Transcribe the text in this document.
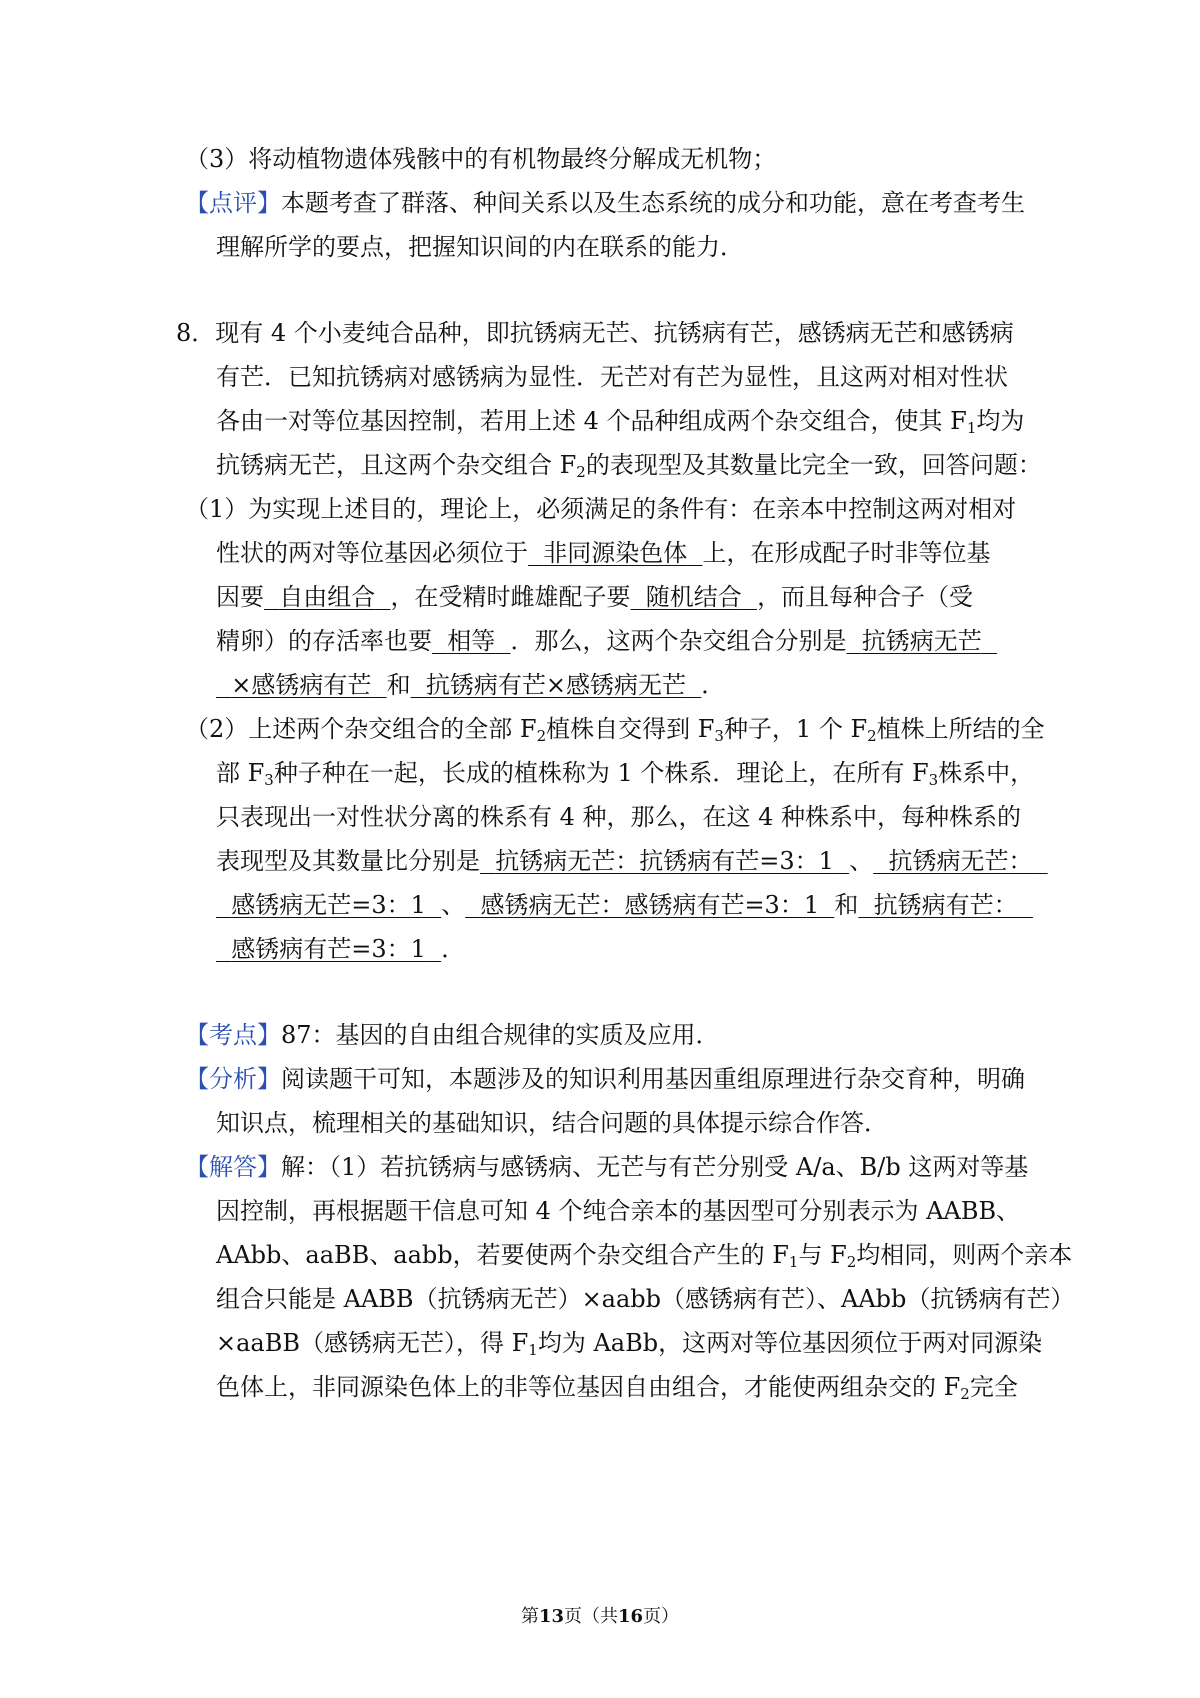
（3）将动植物遗体残骸中的有机物最终分解成无机物；
【点评】本题考查了群落、种间关系以及生态系统的成分和功能，意在考查考生
理解所学的要点，把握知识间的内在联系的能力．
8．现有 4 个小麦纯合品种，即抗锈病无芒、抗锈病有芒，感锈病无芒和感锈病
有芒．已知抗锈病对感锈病为显性．无芒对有芒为显性，且这两对相对性状
各由一对等位基因控制，若用上述 4 个品种组成两个杂交组合，使其 $F_1$均为
抗锈病无芒，且这两个杂交组合 $F_2$的表现型及其数量比完全一致，回答问题：
（1）为实现上述目的，理论上，必须满足的条件有：在亲本中控制这两对相对
性状的两对等位基因必须位于 非同源染色体 上，在形成配子时非等位基
因要 自由组合 ，在受精时雌雄配子要 随机结合 ，而且每种合子（受
精卵）的存活率也要 相等 ．那么，这两个杂交组合分别是 抗锈病无芒
×感锈病有芒 和 抗锈病有芒×感锈病无芒 ．
（2）上述两个杂交组合的全部 $F_2$植株自交得到 $F_3$种子，1 个 $F_2$植株上所结的全
部 $F_3$种子种在一起，长成的植株称为 1 个株系．理论上，在所有 $F_3$株系中，
只表现出一对性状分离的株系有 4 种，那么，在这 4 种株系中，每种株系的
表现型及其数量比分别是 抗锈病无芒：抗锈病有芒=3：1 、 抗锈病无芒：
感锈病无芒=3：1 、 感锈病无芒：感锈病有芒=3：1 和 抗锈病有芒：
感锈病有芒=3：1 ．
【考点】87：基因的自由组合规律的实质及应用．
【分析】阅读题干可知，本题涉及的知识利用基因重组原理进行杂交育种，明确
知识点，梳理相关的基础知识，结合问题的具体提示综合作答．
【解答】解：（1）若抗锈病与感锈病、无芒与有芒分别受 A/a、B/b 这两对等基
因控制，再根据题干信息可知 4 个纯合亲本的基因型可分别表示为 AABB、
AAbb、aaBB、aabb，若要使两个杂交组合产生的 $F_1$与 $F_2$均相同，则两个亲本
组合只能是 AABB（抗锈病无芒）×aabb（感锈病有芒）、AAbb（抗锈病有芒）
×aaBB（感锈病无芒），得 $F_1$均为 AaBb，这两对等位基因须位于两对同源染
色体上，非同源染色体上的非等位基因自由组合，才能使两组杂交的 $F_2$完全
第13页（共16页）
